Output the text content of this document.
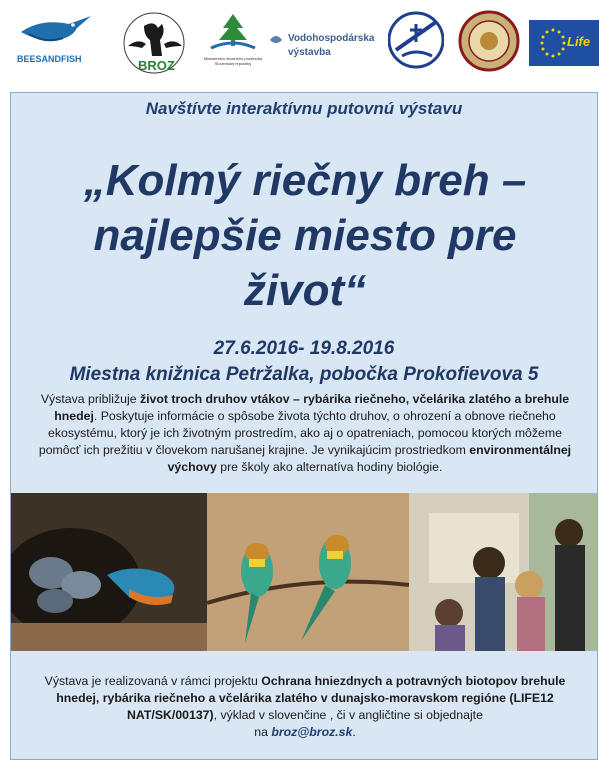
BEESANDFISH	BROZ	Ministerstvo životného prostredia Slovenskej republiky
Vodohospodárska výstavba
Life
Navštívte interaktívnu putovnú výstavu
„Kolmý riečny breh –
najlepšie miesto pre
život“
27.6.2016- 19.8.2016
Miestna knižnica Petržalka, pobočka Prokofievova 5
Výstava približuje život troch druhov vtákov – rybárika riečneho, včelárika zlatého a brehule hnedej. Poskytuje informácie o spôsobe života týchto druhov, o ohrození a obnove riečneho ekosystému, ktorý je ich životným prostredím, ako aj o opatreniach, pomocou ktorých môžeme pomôcť ich prežitiu v človekom narušanej krajine. Je vynikajúcim prostriedkom environmentálnej výchovy pre školy ako alternatíva hodiny biológie.
Výstava je realizovaná v rámci projektu Ochrana hniezdnych a potravných biotopov brehule hnedej, rybárika riečneho a včelárika zlatého v dunajsko-moravskom regióne (LIFE12 NAT/SK/00137), výklad v slovenčine , či v angličtine si objednajte
na broz@broz.sk.
